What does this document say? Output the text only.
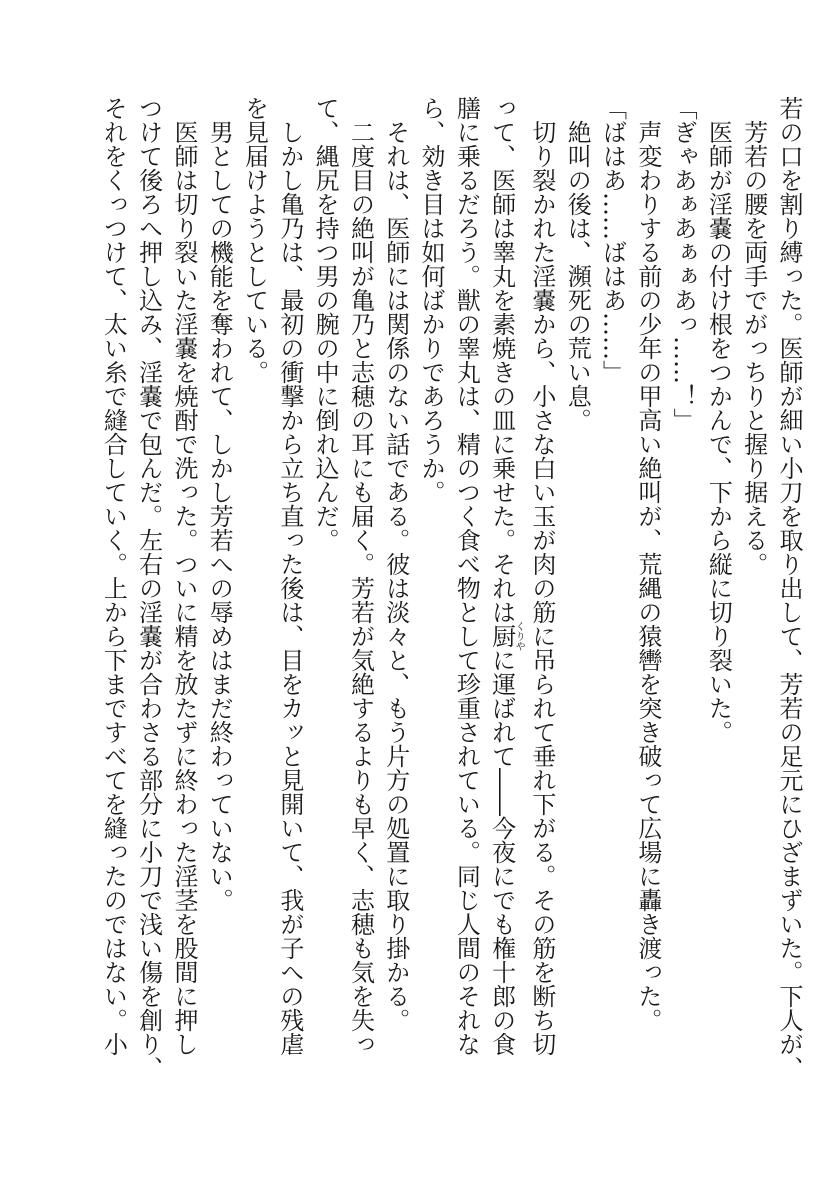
若の口を割り縛った。医師が細い小刀を取り出して、芳若の足元にひざまずいた。下人が、
芳若の腰を両手でがっちりと握り据える。
医師が淫嚢の付け根をつかんで、下から縦に切り裂いた。
「ぎゃあぁあぁぁあっ……！」
声変わりする前の少年の甲高い絶叫が、荒縄の猿轡を突き破って広場に轟き渡った。
「ばはあ……ばはあ……」
絶叫の後は、瀕死の荒い息。
切り裂かれた淫嚢から、小さな白い玉が肉の筋に吊られて垂れ下がる。その筋を断ち切
って、医師は睾丸を素焼きの皿に乗せた。それは厨くりやに運ばれて――今夜にでも権十郎の食
膳に乗るだろう。獣の睾丸は、精のつく食べ物として珍重されている。同じ人間のそれな
ら、効き目は如何ばかりであろうか。
それは、医師には関係のない話である。彼は淡々と、もう片方の処置に取り掛かる。
二度目の絶叫が亀乃と志穂の耳にも届く。芳若が気絶するよりも早く、志穂も気を失っ
て、縄尻を持つ男の腕の中に倒れ込んだ。
しかし亀乃は、最初の衝撃から立ち直った後は、目をカッと見開いて、我が子への残虐
を見届けようとしている。
男としての機能を奪われて、しかし芳若への辱めはまだ終わっていない。
医師は切り裂いた淫嚢を焼酎で洗った。ついに精を放たずに終わった淫茎を股間に押し
つけて後ろへ押し込み、淫嚢で包んだ。左右の淫嚢が合わさる部分に小刀で浅い傷を創り、
それをくっつけて、太い糸で縫合していく。上から下まですべてを縫ったのではない。小
